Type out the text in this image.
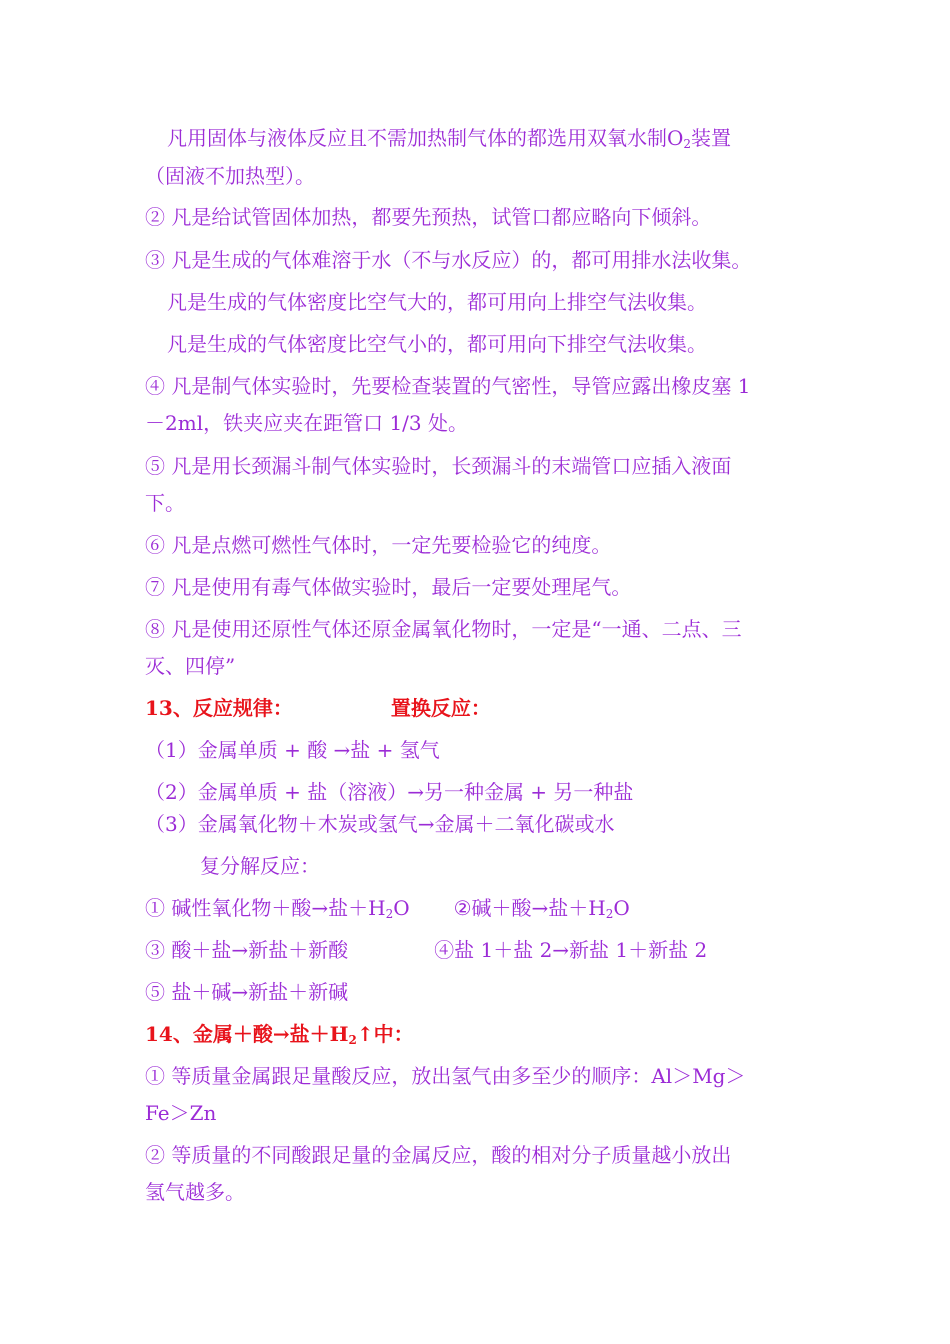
凡用固体与液体反应且不需加热制气体的都选用双氧水制$O_2$装置
（固液不加热型）。
② 凡是给试管固体加热，都要先预热，试管口都应略向下倾斜。
③ 凡是生成的气体难溶于水（不与水反应）的，都可用排水法收集。
凡是生成的气体密度比空气大的，都可用向上排空气法收集。
凡是生成的气体密度比空气小的，都可用向下排空气法收集。
④ 凡是制气体实验时，先要检查装置的气密性，导管应露出橡皮塞 1
－2ml，铁夹应夹在距管口 1/3 处。
⑤ 凡是用长颈漏斗制气体实验时，长颈漏斗的末端管口应插入液面
下。
⑥ 凡是点燃可燃性气体时，一定先要检验它的纯度。
⑦ 凡是使用有毒气体做实验时，最后一定要处理尾气。
⑧ 凡是使用还原性气体还原金属氧化物时，一定是“一通、二点、三
灭、四停”
13、反应规律：	置换反应：
（1）金属单质 + 酸 →盐 + 氢气
（2）金属单质 + 盐（溶液）→另一种金属 + 另一种盐
（3）金属氧化物＋木炭或氢气→金属＋二氧化碳或水
复分解反应：
① 碱性氧化物＋酸→盐$+H_2O$ ②碱＋酸→盐$+H_2O$
③ 酸＋盐→新盐＋新酸	④盐 1＋盐 2→新盐 1＋新盐 2
⑤ 盐＋碱→新盐＋新碱
14、金属＋酸→盐$+H_2↑$中：
① 等质量金属跟足量酸反应，放出氢气由多至少的顺序：Al＞Mg＞
Fe＞Zn
② 等质量的不同酸跟足量的金属反应，酸的相对分子质量越小放出
氢气越多。
